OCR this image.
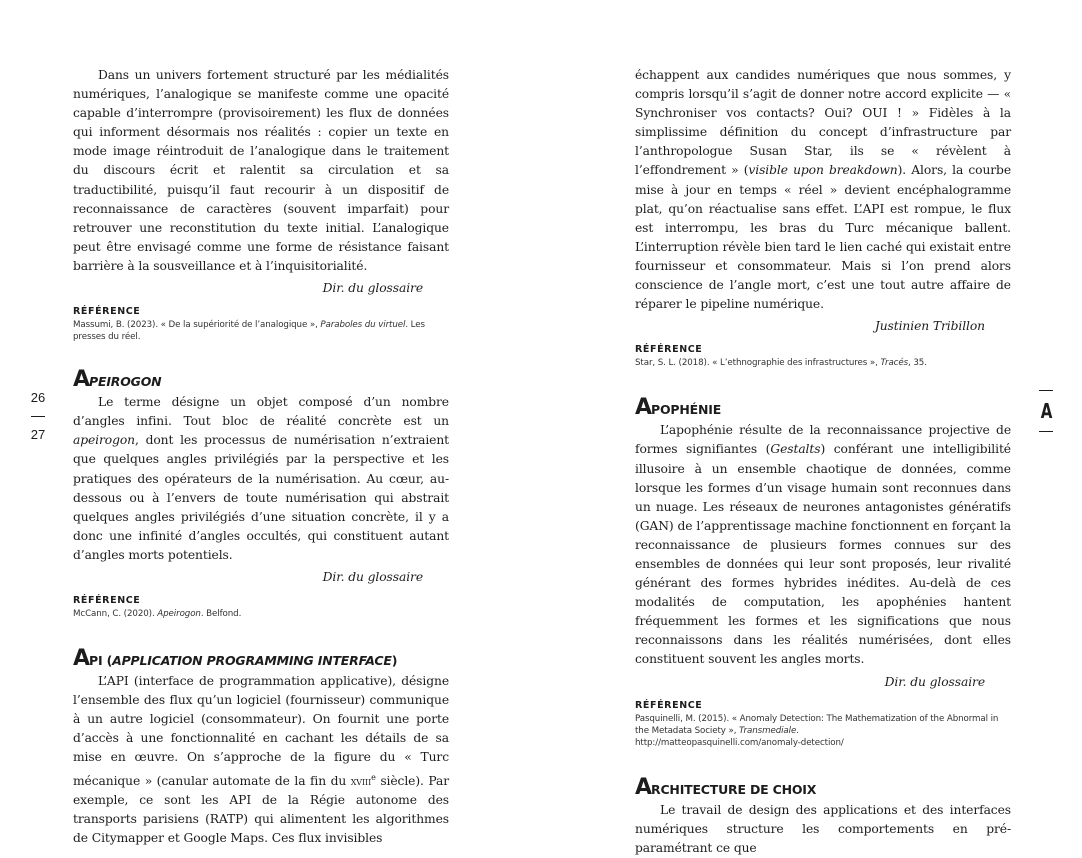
26
27
A

Dans un univers fortement structuré par les médialités numériques, l’analogique se manifeste comme une opacité capable d’interrompre (provisoirement) les flux de données qui informent désormais nos réalités : copier un texte en mode image réintroduit de l’analogique dans le traitement du discours écrit et ralentit sa circulation et sa traductibilité, puisqu’il faut recourir à un dispositif de reconnaissance de caractères (souvent imparfait) pour retrouver une reconstitution du texte initial. L’analogique peut être envisagé comme une forme de résistance faisant barrière à la sousveillance et à l’inquisitorialité.

Dir. du glossaire

RÉFÉRENCE

Massumi, B. (2023). « De la supériorité de l’analogique », Paraboles du virtuel. Les presses du réel.

APEIROGON

Le terme désigne un objet composé d’un nombre d’angles infini. Tout bloc de réalité concrète est un apeirogon, dont les processus de numérisation n’extraient que quelques angles privilégiés par la perspective et les pratiques des opérateurs de la numérisation. Au cœur, au-dessous ou à l’envers de toute numérisation qui abstrait quelques angles privilégiés d’une situation concrète, il y a donc une infinité d’angles occultés, qui constituent autant d’angles morts potentiels.

Dir. du glossaire

RÉFÉRENCE

McCann, C. (2020). Apeirogon. Belfond.

API (APPLICATION PROGRAMMING INTERFACE)

L’API (interface de programmation applicative), désigne l’ensemble des flux qu’un logiciel (fournisseur) communique à un autre logiciel (consommateur). On fournit une porte d’accès à une fonctionnalité en cachant les détails de sa mise en œuvre. On s’approche de la figure du « Turc mécanique » (canular automate de la fin du xviii$^e$ siècle). Par exemple, ce sont les API de la Régie autonome des transports parisiens (RATP) qui alimentent les algorithmes de Citymapper et Google Maps. Ces flux invisibles

échappent aux candides numériques que nous sommes, y compris lorsqu’il s’agit de donner notre accord explicite — « Synchroniser vos contacts? Oui? OUI ! » Fidèles à la simplissime définition du concept d’infrastructure par l’anthropologue Susan Star, ils se « révèlent à l’effondrement » (visible upon breakdown). Alors, la courbe mise à jour en temps « réel » devient encéphalogramme plat, qu’on réactualise sans effet. L’API est rompue, le flux est interrompu, les bras du Turc mécanique ballent. L’interruption révèle bien tard le lien caché qui existait entre fournisseur et consommateur. Mais si l’on prend alors conscience de l’angle mort, c’est une tout autre affaire de réparer le pipeline numérique.

Justinien Tribillon

RÉFÉRENCE

Star, S. L. (2018). « L’ethnographie des infrastructures », Tracés, 35.

APOPHÉNIE

L’apophénie résulte de la reconnaissance projective de formes signifiantes (Gestalts) conférant une intelligibilité illusoire à un ensemble chaotique de données, comme lorsque les formes d’un visage humain sont reconnues dans un nuage. Les réseaux de neurones antagonistes génératifs (GAN) de l’apprentissage machine fonctionnent en forçant la reconnaissance de plusieurs formes connues sur des ensembles de données qui leur sont proposés, leur rivalité générant des formes hybrides inédites. Au-delà de ces modalités de computation, les apophénies hantent fréquemment les formes et les significations que nous reconnaissons dans les réalités numérisées, dont elles constituent souvent les angles morts.

Dir. du glossaire

RÉFÉRENCE

Pasquinelli, M. (2015). « Anomaly Detection: The Mathematization of the Abnormal in the Metadata Society », Transmediale.

http://matteopasquinelli.com/anomaly-detection/

ARCHITECTURE DE CHOIX

Le travail de design des applications et des interfaces numériques structure les comportements en pré-paramétrant ce que
